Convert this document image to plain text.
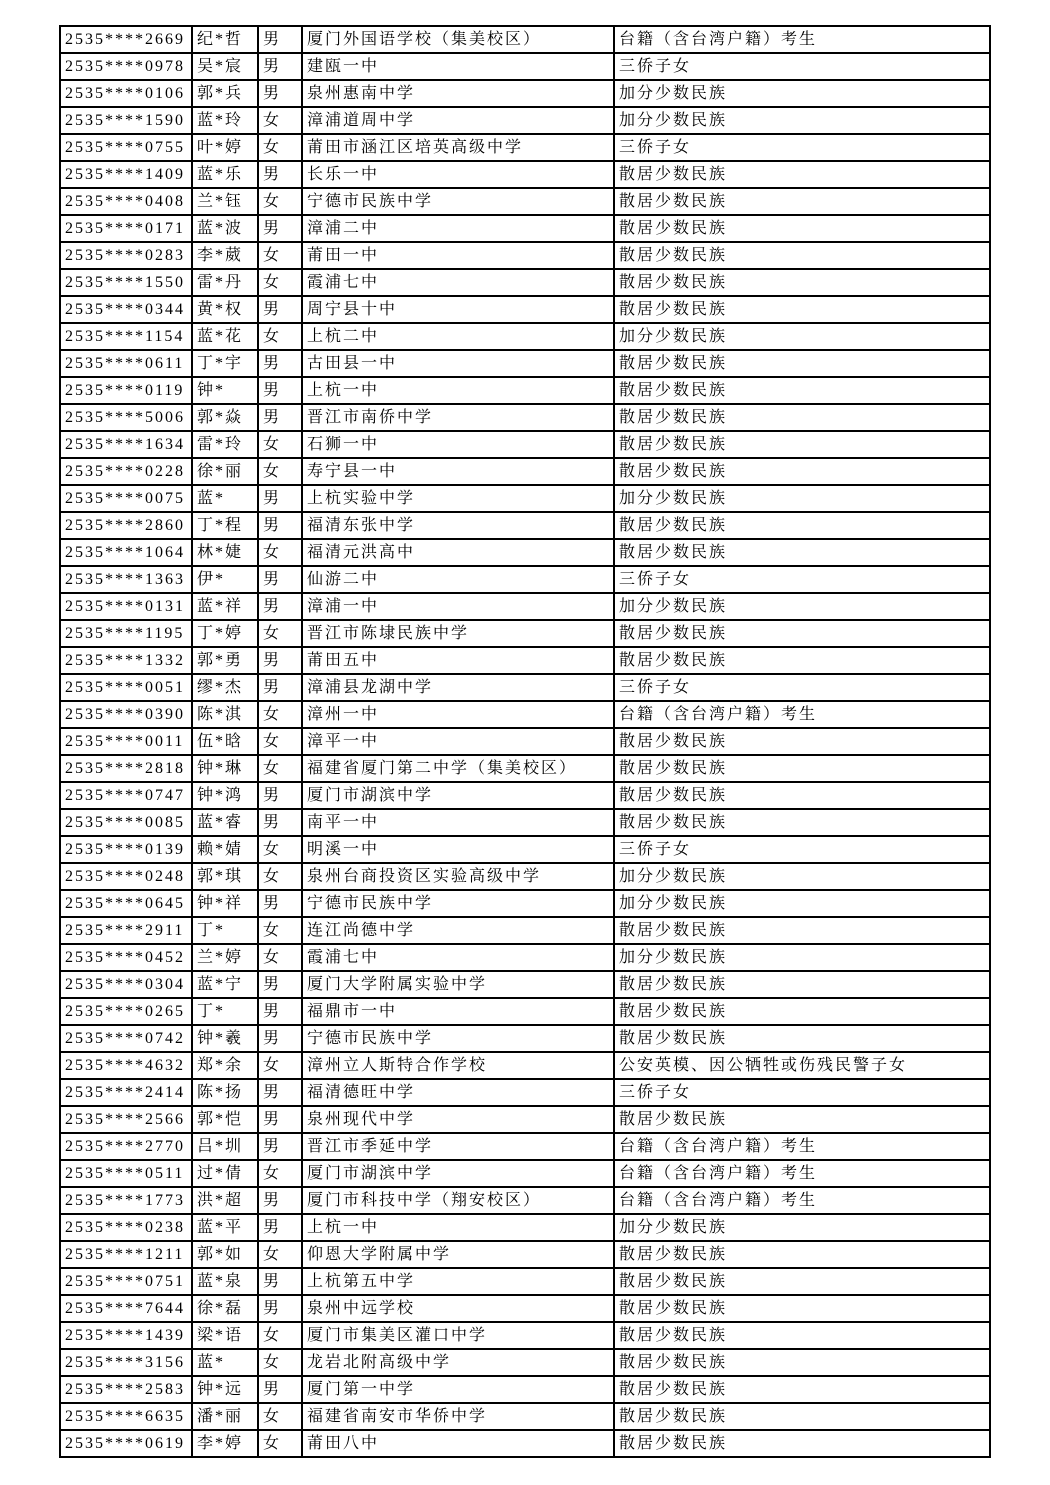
2535****2669	纪*哲	男	厦门外国语学校（集美校区）	台籍（含台湾户籍）考生
2535****0978	吴*宸	男	建瓯一中	三侨子女
2535****0106	郭*兵	男	泉州惠南中学	加分少数民族
2535****1590	蓝*玲	女	漳浦道周中学	加分少数民族
2535****0755	叶*婷	女	莆田市涵江区培英高级中学	三侨子女
2535****1409	蓝*乐	男	长乐一中	散居少数民族
2535****0408	兰*钰	女	宁德市民族中学	散居少数民族
2535****0171	蓝*波	男	漳浦二中	散居少数民族
2535****0283	李*葳	女	莆田一中	散居少数民族
2535****1550	雷*丹	女	霞浦七中	散居少数民族
2535****0344	黄*权	男	周宁县十中	散居少数民族
2535****1154	蓝*花	女	上杭二中	加分少数民族
2535****0611	丁*宇	男	古田县一中	散居少数民族
2535****0119	钟*	男	上杭一中	散居少数民族
2535****5006	郭*焱	男	晋江市南侨中学	散居少数民族
2535****1634	雷*玲	女	石狮一中	散居少数民族
2535****0228	徐*丽	女	寿宁县一中	散居少数民族
2535****0075	蓝*	男	上杭实验中学	加分少数民族
2535****2860	丁*程	男	福清东张中学	散居少数民族
2535****1064	林*婕	女	福清元洪高中	散居少数民族
2535****1363	伊*	男	仙游二中	三侨子女
2535****0131	蓝*祥	男	漳浦一中	加分少数民族
2535****1195	丁*婷	女	晋江市陈埭民族中学	散居少数民族
2535****1332	郭*勇	男	莆田五中	散居少数民族
2535****0051	缪*杰	男	漳浦县龙湖中学	三侨子女
2535****0390	陈*淇	女	漳州一中	台籍（含台湾户籍）考生
2535****0011	伍*晗	女	漳平一中	散居少数民族
2535****2818	钟*琳	女	福建省厦门第二中学（集美校区）	散居少数民族
2535****0747	钟*鸿	男	厦门市湖滨中学	散居少数民族
2535****0085	蓝*睿	男	南平一中	散居少数民族
2535****0139	赖*婧	女	明溪一中	三侨子女
2535****0248	郭*琪	女	泉州台商投资区实验高级中学	加分少数民族
2535****0645	钟*祥	男	宁德市民族中学	加分少数民族
2535****2911	丁*	女	连江尚德中学	散居少数民族
2535****0452	兰*婷	女	霞浦七中	加分少数民族
2535****0304	蓝*宁	男	厦门大学附属实验中学	散居少数民族
2535****0265	丁*	男	福鼎市一中	散居少数民族
2535****0742	钟*羲	男	宁德市民族中学	散居少数民族
2535****4632	郑*余	女	漳州立人斯特合作学校	公安英模、因公牺牲或伤残民警子女
2535****2414	陈*扬	男	福清德旺中学	三侨子女
2535****2566	郭*恺	男	泉州现代中学	散居少数民族
2535****2770	吕*圳	男	晋江市季延中学	台籍（含台湾户籍）考生
2535****0511	过*倩	女	厦门市湖滨中学	台籍（含台湾户籍）考生
2535****1773	洪*超	男	厦门市科技中学（翔安校区）	台籍（含台湾户籍）考生
2535****0238	蓝*平	男	上杭一中	加分少数民族
2535****1211	郭*如	女	仰恩大学附属中学	散居少数民族
2535****0751	蓝*泉	男	上杭第五中学	散居少数民族
2535****7644	徐*磊	男	泉州中远学校	散居少数民族
2535****1439	梁*语	女	厦门市集美区灌口中学	散居少数民族
2535****3156	蓝*	女	龙岩北附高级中学	散居少数民族
2535****2583	钟*远	男	厦门第一中学	散居少数民族
2535****6635	潘*丽	女	福建省南安市华侨中学	散居少数民族
2535****0619	李*婷	女	莆田八中	散居少数民族
